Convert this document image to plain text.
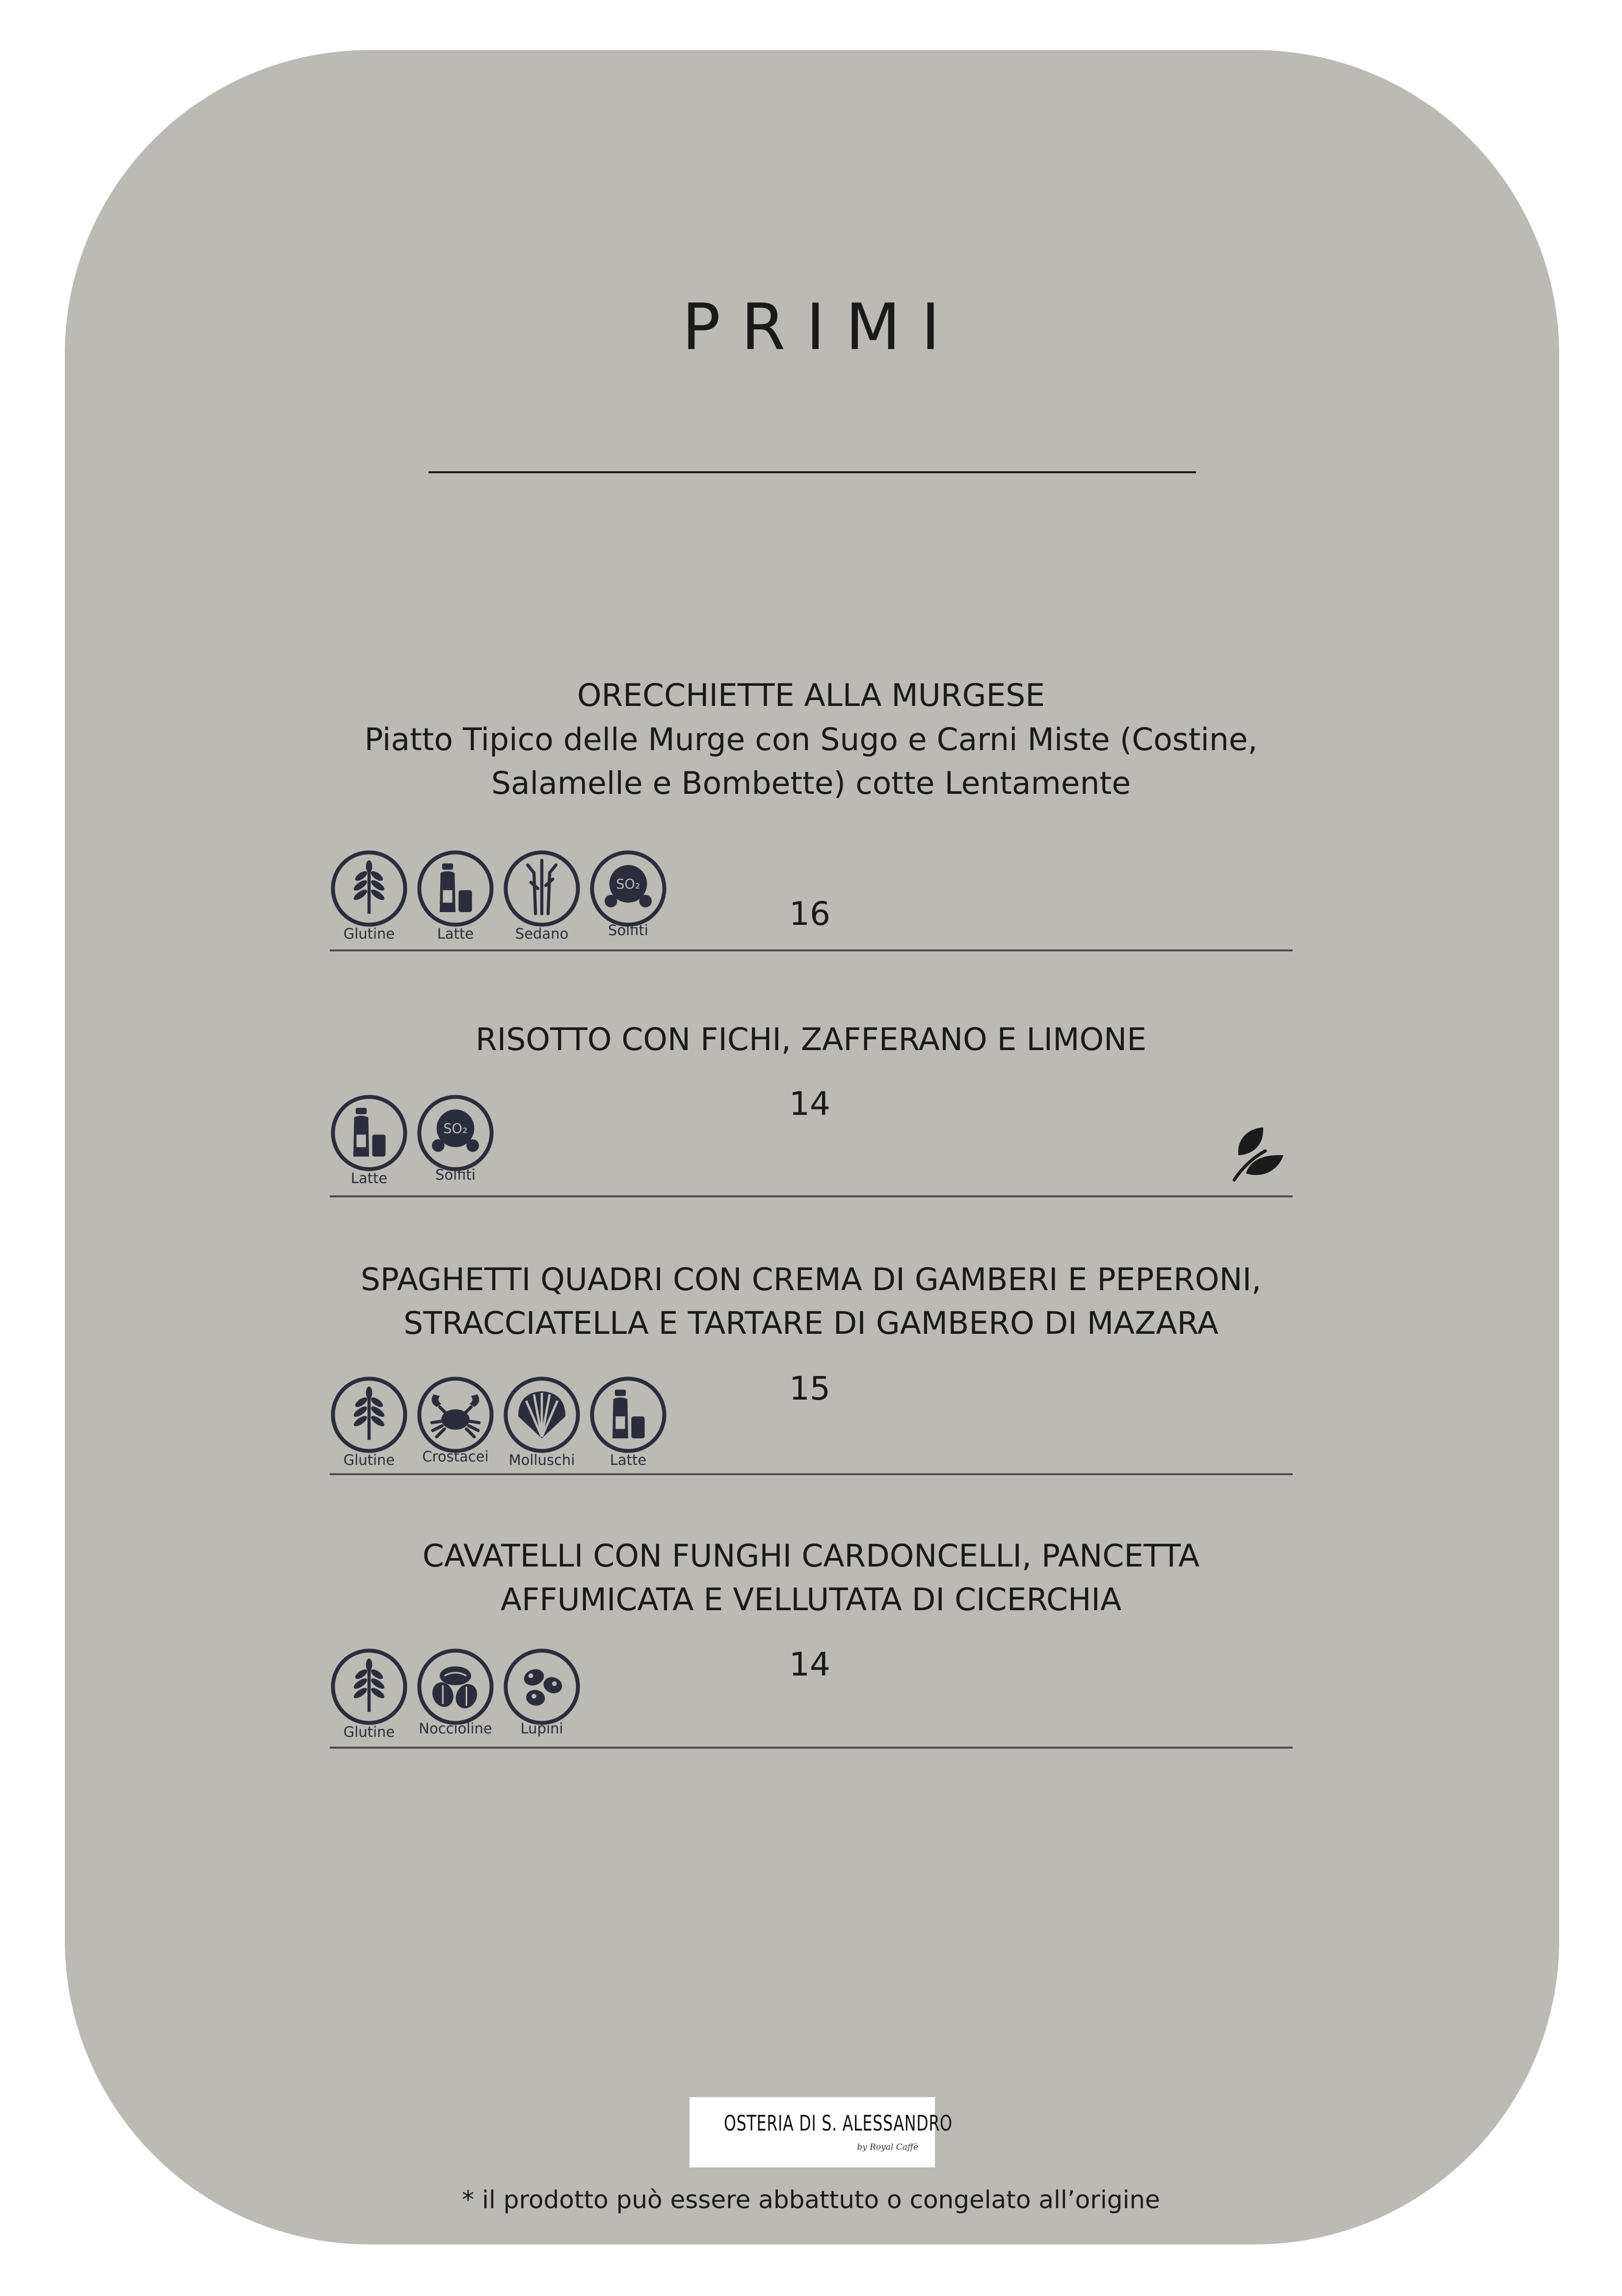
PRIMI
ORECCHIETTE ALLA MURGESE
Piatto Tipico delle Murge con Sugo e Carni Miste (Costine,
Salamelle e Bombette) cotte Lentamente
16
Glutine	Latte	Sedano
SO₂
Solfiti
RISOTTO CON FICHI, ZAFFERANO E LIMONE
14
Latte
SO₂
Solfiti
SPAGHETTI QUADRI CON CREMA DI GAMBERI E PEPERONI,
STRACCIATELLA E TARTARE DI GAMBERO DI MAZARA
15
Glutine	Crostacei	Molluschi	Latte
CAVATELLI CON FUNGHI CARDONCELLI, PANCETTA
AFFUMICATA E VELLUTATA DI CICERCHIA
14
Glutine	Noccioline	Lupini
OSTERIA DI S. ALESSANDRO
by Royal Caffè
* il prodotto può essere abbattuto o congelato all’origine
